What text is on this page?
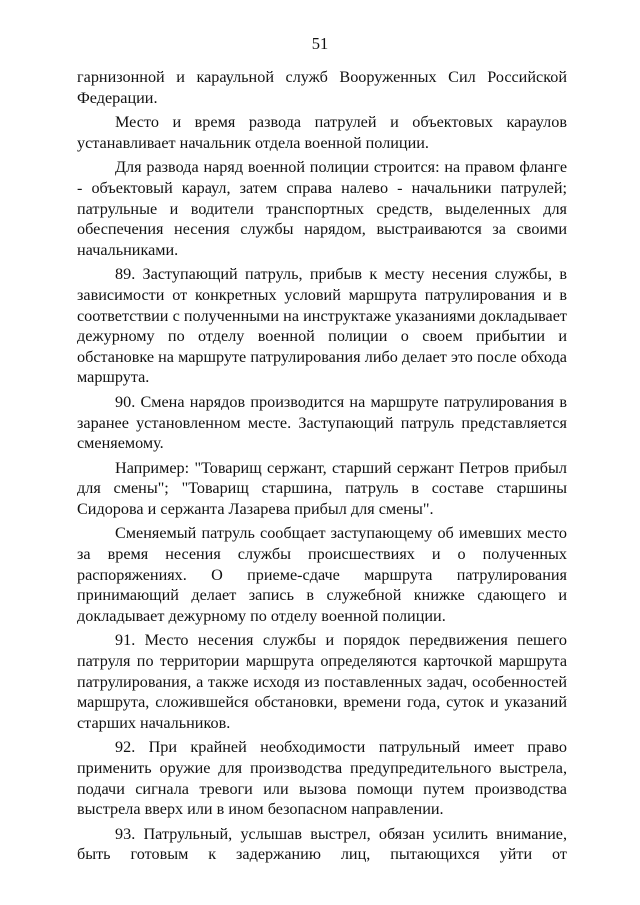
51

гарнизонной и караульной служб Вооруженных Сил Российской Федерации.

Место и время развода патрулей и объектовых караулов устанавливает начальник отдела военной полиции.

Для развода наряд военной полиции строится: на правом фланге - объектовый караул, затем справа налево - начальники патрулей; патрульные и водители транспортных средств, выделенных для обеспечения несения службы нарядом, выстраиваются за своими начальниками.

89. Заступающий патруль, прибыв к месту несения службы, в зависимости от конкретных условий маршрута патрулирования и в соответствии с полученными на инструктаже указаниями докладывает дежурному по отделу военной полиции о своем прибытии и обстановке на маршруте патрулирования либо делает это после обхода маршрута.

90. Смена нарядов производится на маршруте патрулирования в заранее установленном месте. Заступающий патруль представляется сменяемому.

Например: "Товарищ сержант, старший сержант Петров прибыл для смены"; "Товарищ старшина, патруль в составе старшины Сидорова и сержанта Лазарева прибыл для смены".

Сменяемый патруль сообщает заступающему об имевших место за время несения службы происшествиях и о полученных распоряжениях. О приеме-сдаче маршрута патрулирования принимающий делает запись в служебной книжке сдающего и докладывает дежурному по отделу военной полиции.

91. Место несения службы и порядок передвижения пешего патруля по территории маршрута определяются карточкой маршрута патрулирования, а также исходя из поставленных задач, особенностей маршрута, сложившейся обстановки, времени года, суток и указаний старших начальников.

92. При крайней необходимости патрульный имеет право применить оружие для производства предупредительного выстрела, подачи сигнала тревоги или вызова помощи путем производства выстрела вверх или в ином безопасном направлении.

93. Патрульный, услышав выстрел, обязан усилить внимание, быть готовым к задержанию лиц, пытающихся уйти от
